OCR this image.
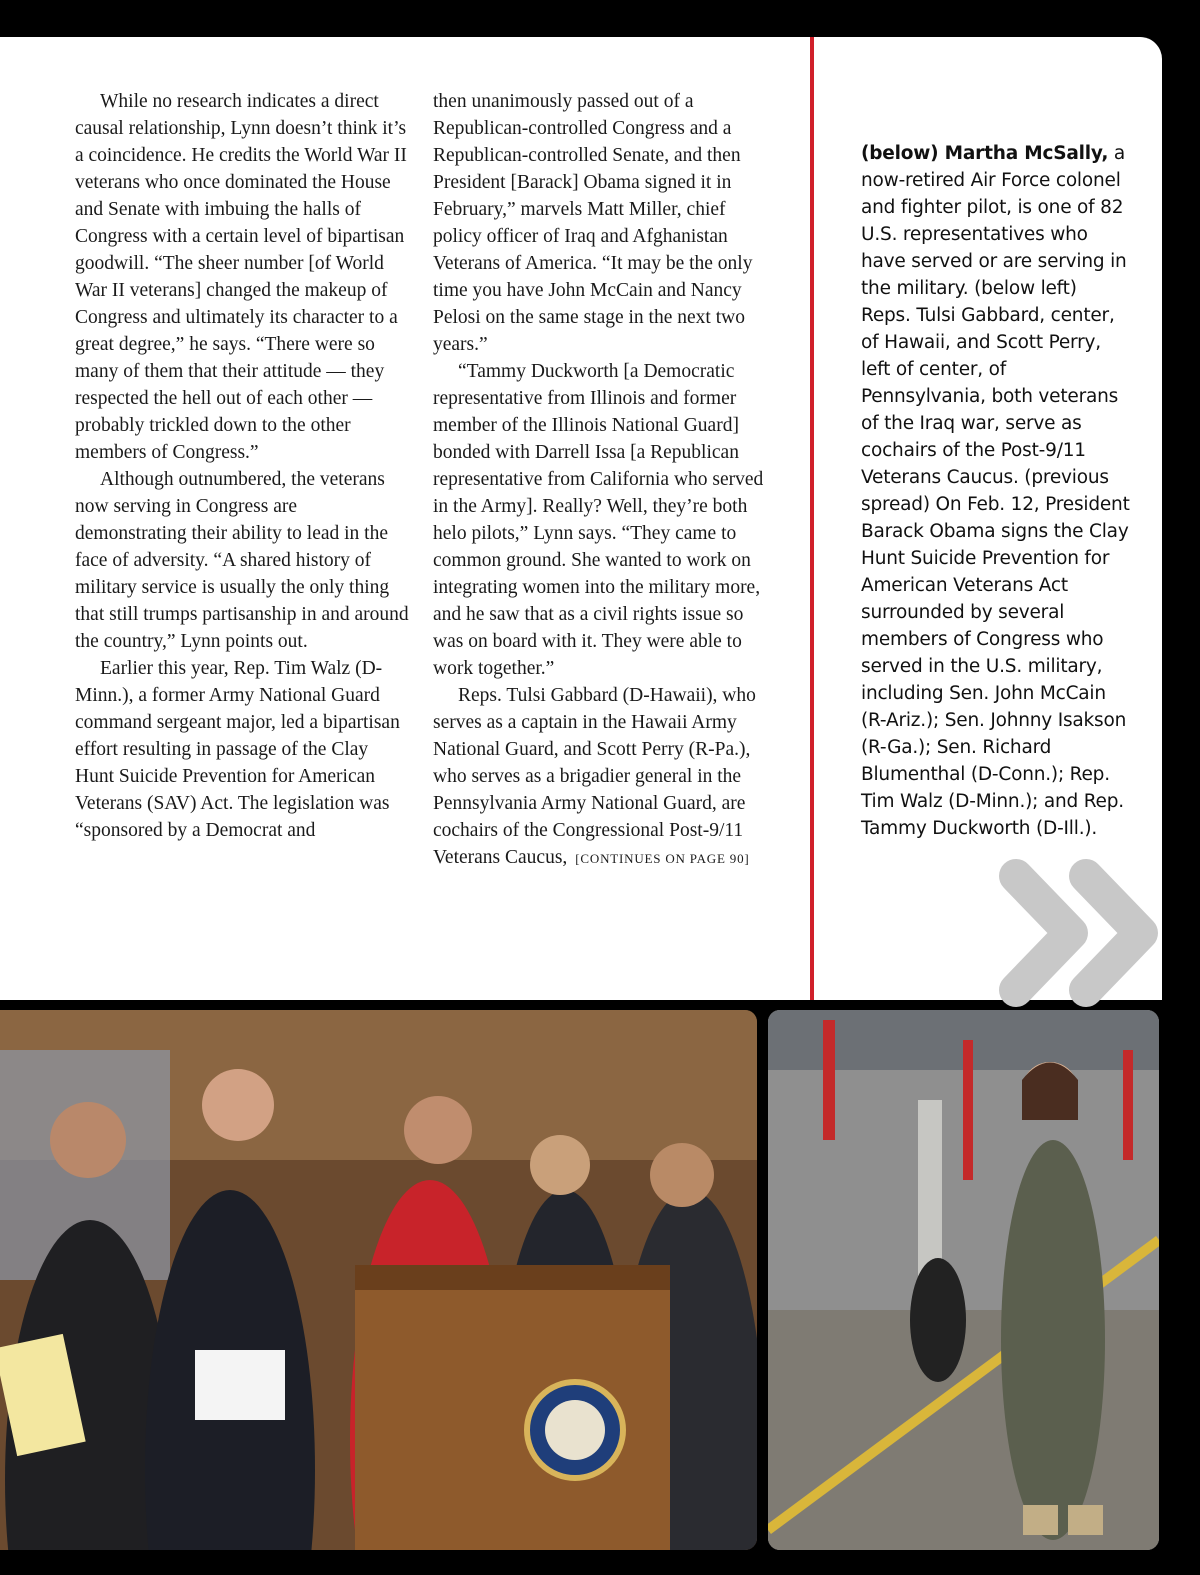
While no research indicates a direct causal relationship, Lynn doesn’t think it’s a coincidence. He credits the World War II veterans who once dominated the House and Senate with imbuing the halls of Congress with a certain level of bipartisan goodwill. “The sheer number [of World War II veterans] changed the makeup of Congress and ultimately its character to a great degree,” he says. “There were so many of them that their attitude — they respected the hell out of each other — probably trickled down to the other members of Congress.”

Although outnumbered, the veterans now serving in Congress are demonstrating their ability to lead in the face of adversity. “A shared history of military service is usually the only thing that still trumps partisanship in and around the country,” Lynn points out.

Earlier this year, Rep. Tim Walz (D-Minn.), a former Army National Guard command sergeant major, led a bipartisan effort resulting in passage of the Clay Hunt Suicide Prevention for American Veterans (SAV) Act. The legislation was “sponsored by a Democrat and

then unanimously passed out of a Republican-controlled Congress and a Republican-controlled Senate, and then President [Barack] Obama signed it in February,” marvels Matt Miller, chief policy officer of Iraq and Afghanistan Veterans of America. “It may be the only time you have John McCain and Nancy Pelosi on the same stage in the next two years.”

“Tammy Duckworth [a Democratic representative from Illinois and former member of the Illinois National Guard] bonded with Darrell Issa [a Republican representative from California who served in the Army]. Really? Well, they’re both helo pilots,” Lynn says. “They came to common ground. She wanted to work on integrating women into the military more, and he saw that as a civil rights issue so was on board with it. They were able to work together.”

Reps. Tulsi Gabbard (D-Hawaii), who serves as a captain in the Hawaii Army National Guard, and Scott Perry (R-Pa.), who serves as a brigadier general in the Pennsylvania Army National Guard, are cochairs of the Congressional Post-9/11 Veterans Caucus, [CONTINUES ON PAGE 90]

(below) Martha McSally, a now-retired Air Force colonel and fighter pilot, is one of 82 U.S. representatives who have served or are serving in the military. (below left) Reps. Tulsi Gabbard, center, of Hawaii, and Scott Perry, left of center, of Pennsylvania, both veterans of the Iraq war, serve as cochairs of the Post-9/11 Veterans Caucus. (previous spread) On Feb. 12, President Barack Obama signs the Clay Hunt Suicide Prevention for American Veterans Act surrounded by several members of Congress who served in the U.S. military, including Sen. John McCain (R-Ariz.); Sen. Johnny Isakson (R-Ga.); Sen. Richard Blumenthal (D-Conn.); Rep. Tim Walz (D-Minn.); and Rep. Tammy Duckworth (D-Ill.).
